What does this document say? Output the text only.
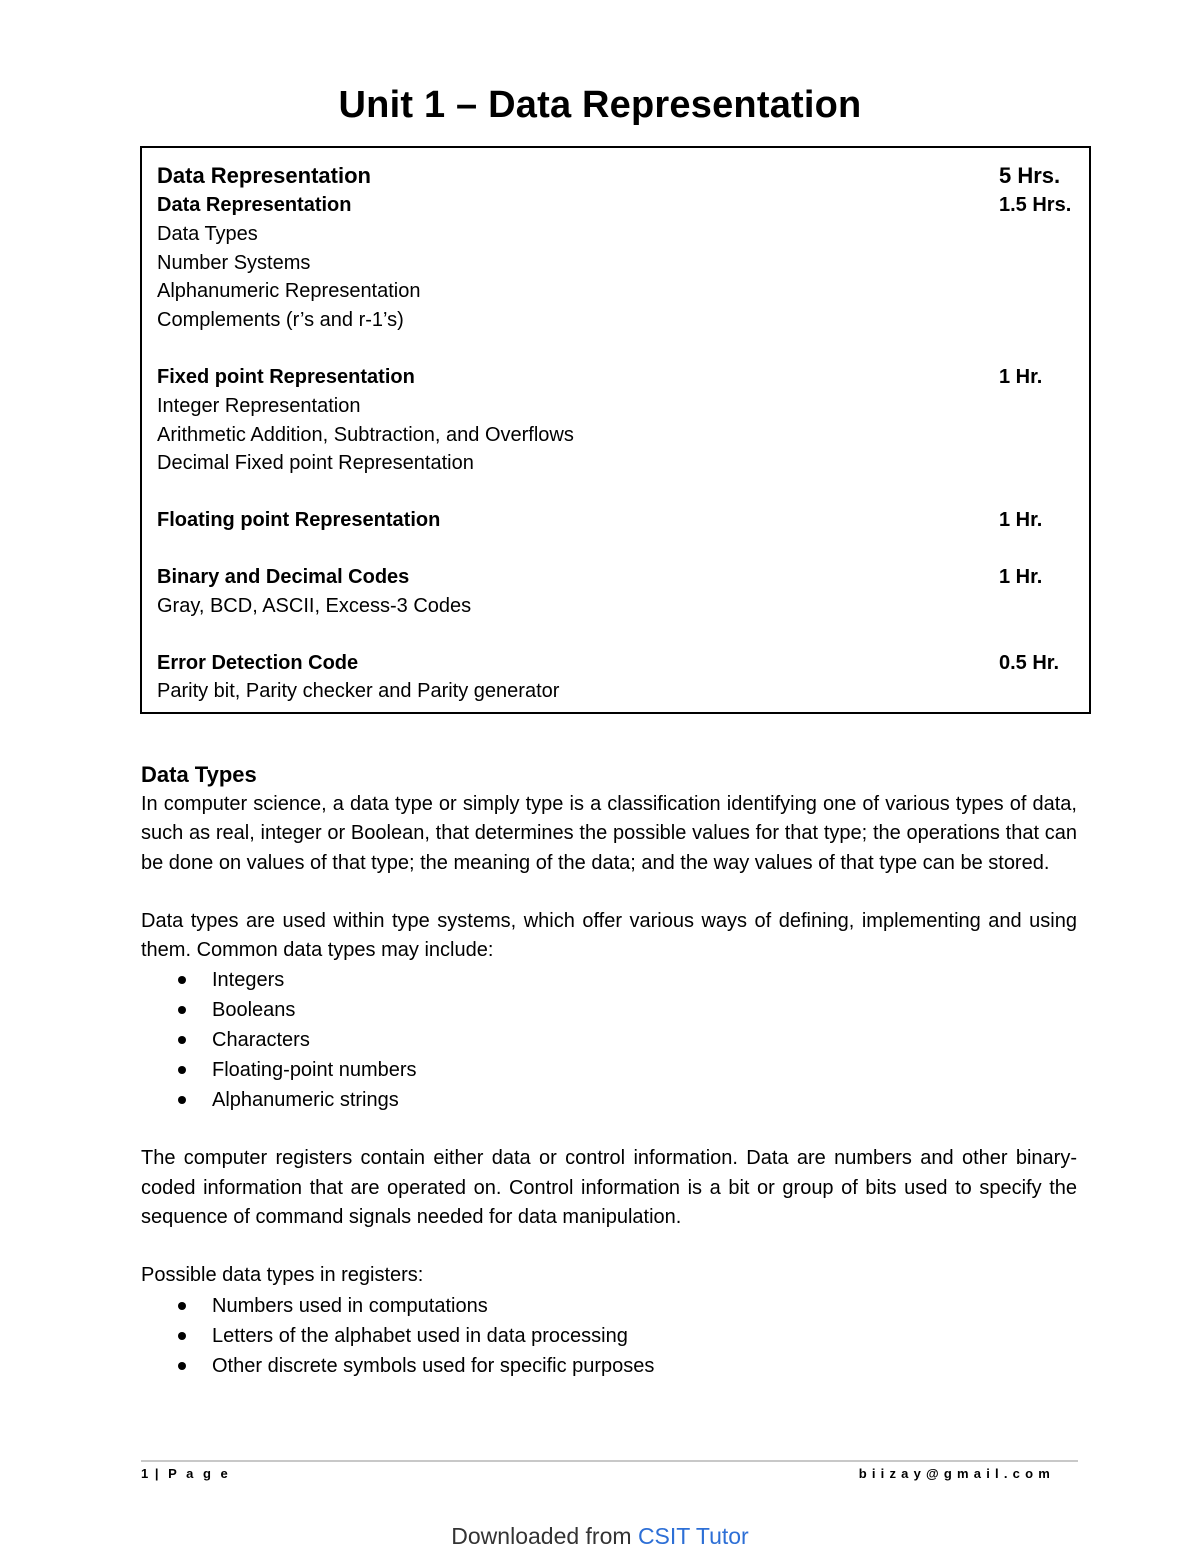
Unit 1 – Data Representation
Data Representation	5 Hrs.
Data Representation	1.5 Hrs.
Data Types
Number Systems
Alphanumeric Representation
Complements (r’s and r-1’s)
Fixed point Representation	1 Hr.
Integer Representation
Arithmetic Addition, Subtraction, and Overflows
Decimal Fixed point Representation
Floating point Representation	1 Hr.
Binary and Decimal Codes	1 Hr.
Gray, BCD, ASCII, Excess-3 Codes
Error Detection Code	0.5 Hr.
Parity bit, Parity checker and Parity generator
Data Types

In computer science, a data type or simply type is a classification identifying one of various types of data, such as real, integer or Boolean, that determines the possible values for that type; the operations that can be done on values of that type; the meaning of the data; and the way values of that type can be stored.

Data types are used within type systems, which offer various ways of defining, implementing and using them. Common data types may include:

Integers
Booleans
Characters
Floating-point numbers
Alphanumeric strings

The computer registers contain either data or control information. Data are numbers and other binary-coded information that are operated on. Control information is a bit or group of bits used to specify the sequence of command signals needed for data manipulation.

Possible data types in registers:

Numbers used in computations
Letters of the alphabet used in data processing
Other discrete symbols used for specific purposes
1 | P a g e	biizay@gmail.com
Downloaded from CSIT Tutor
